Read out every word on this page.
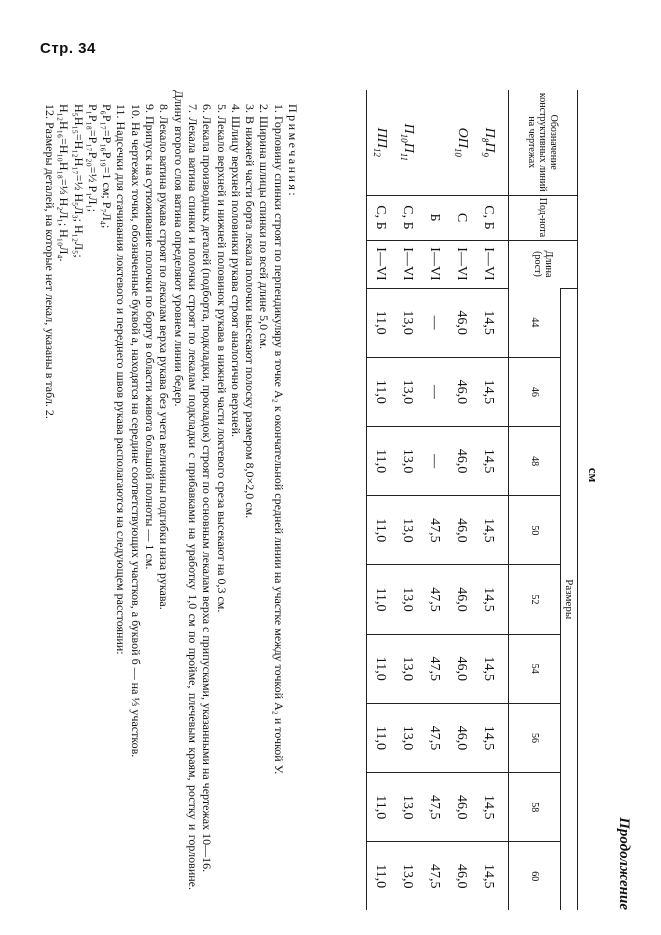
Стр. 34
Продолжение
см
Обозначение конструктивных линий на чертежах	Под-нота	Длина (рост)	Размеры								
			44	46	48	50	52	54	56	58	60
$П_8П_9$	С, Б	I—VI	14,5	14,5	14,5	14,5	14,5	14,5	14,5	14,5	14,5
$ОП_{10}$	С	I—VI	46,0	46,0	46,0	46,0	46,0	46,0	46,0	46,0	46,0
	Б	I—VI	—	—	—	47,5	47,5	47,5	47,5	47,5	47,5
$П_{10}П_{11}$	С, Б	I—VI	13,0	13,0	13,0	13,0	13,0	13,0	13,0	13,0	13,0
$ПП_{12}$	С, Б	I—VI	11,0	11,0	11,0	11,0	11,0	11,0	11,0	11,0	11,0

Примечания:

1. Горловину спинки строят по перпендикуляру в точке А₂ к окончательной средней линии на участке между точкой А₂ и точкой У.

2. Ширина шлицы спинки по всей длине 5,0 см.

3. В нижней части борта лекала полочки высекают полоску размером 8,0×2,0 см.

4. Шлицу верхней половинки рукава строят аналогично верхней.

5. Лекало верхней и нижней половинок рукава в нижней части локтевого среза высекают на 0,3 см.

6. Лекала производных деталей (подборта, подкладки, прокладок) строят по основным лекалам верха с припусками, указанными на чертежах 10—16.

7. Лекала ватина спинки и полочки строят по лекалам подкладки с прибавками на уработку 1,0 см по пройме, плечевым краям, ростку и горловине. Длину второго слоя ватина определяют уровнем линии бедер.

8. Лекало ватина рукава строят по лекалам верха рукава без учета величины подгибки низа рукава.

9. Припуск на сутюживание полочки по борту в области живота большой полноты — 1 см.

10. На чертежах точки, обозначенные буквой а, находятся на середине соответствующих участков, а буквой б — на ⅓ участков.

11. Надсечки для стачивания локтевого и переднего швов рукава располагаются на следующем расстоянии:

P₆P₁₇=P₁₆P₁₉=1 см; P₇Л₄;

P₁P₁₈=P₁₇P₂₀=½ P₁Л₁;

H₅H₁₅=H₁₂H₁₇=½ H₅Л₃; H₁₂Л₅;

H₁₂H₁₆=H₁₀H₁₈=⅓ H₂Л₁; H₁₀Л₄.

12. Размеры деталей, на которые нет лекал, указаны в табл. 2.
